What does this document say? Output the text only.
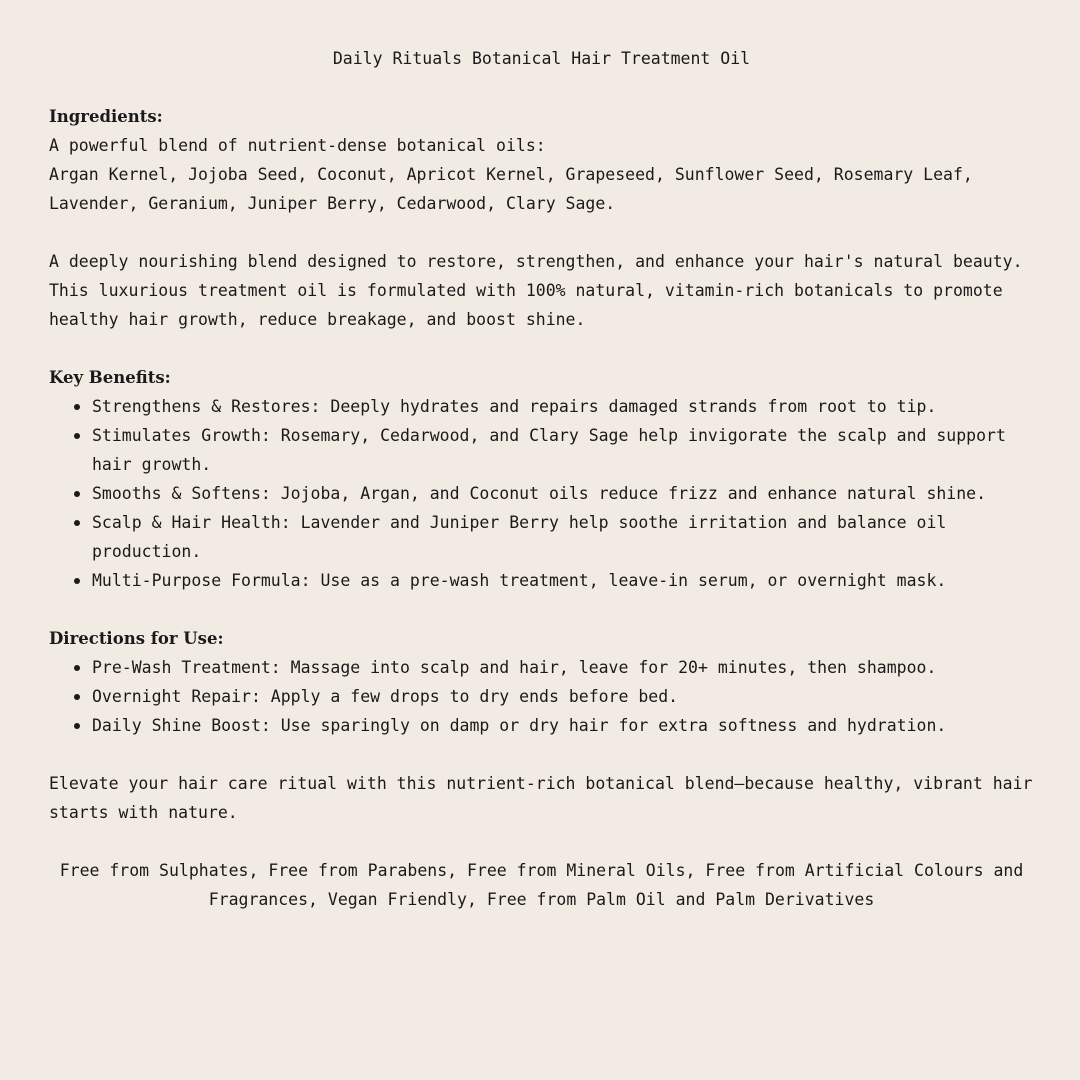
Daily Rituals Botanical Hair Treatment Oil
Ingredients:

A powerful blend of nutrient-dense botanical oils:

Argan Kernel, Jojoba Seed, Coconut, Apricot Kernel, Grapeseed, Sunflower Seed, Rosemary Leaf, Lavender, Geranium, Juniper Berry, Cedarwood, Clary Sage.

A deeply nourishing blend designed to restore, strengthen, and enhance your hair's natural beauty. This luxurious treatment oil is formulated with 100% natural, vitamin-rich botanicals to promote healthy hair growth, reduce breakage, and boost shine.

Key Benefits:
Strengthens & Restores: Deeply hydrates and repairs damaged strands from root to tip.
Stimulates Growth: Rosemary, Cedarwood, and Clary Sage help invigorate the scalp and support hair growth.
Smooths & Softens: Jojoba, Argan, and Coconut oils reduce frizz and enhance natural shine.
Scalp & Hair Health: Lavender and Juniper Berry help soothe irritation and balance oil production.
Multi-Purpose Formula: Use as a pre-wash treatment, leave-in serum, or overnight mask.
Directions for Use:
Pre-Wash Treatment: Massage into scalp and hair, leave for 20+ minutes, then shampoo.
Overnight Repair: Apply a few drops to dry ends before bed.
Daily Shine Boost: Use sparingly on damp or dry hair for extra softness and hydration.

Elevate your hair care ritual with this nutrient-rich botanical blend—because healthy, vibrant hair starts with nature.

Free from Sulphates, Free from Parabens, Free from Mineral Oils, Free from Artificial Colours and Fragrances, Vegan Friendly, Free from Palm Oil and Palm Derivatives
